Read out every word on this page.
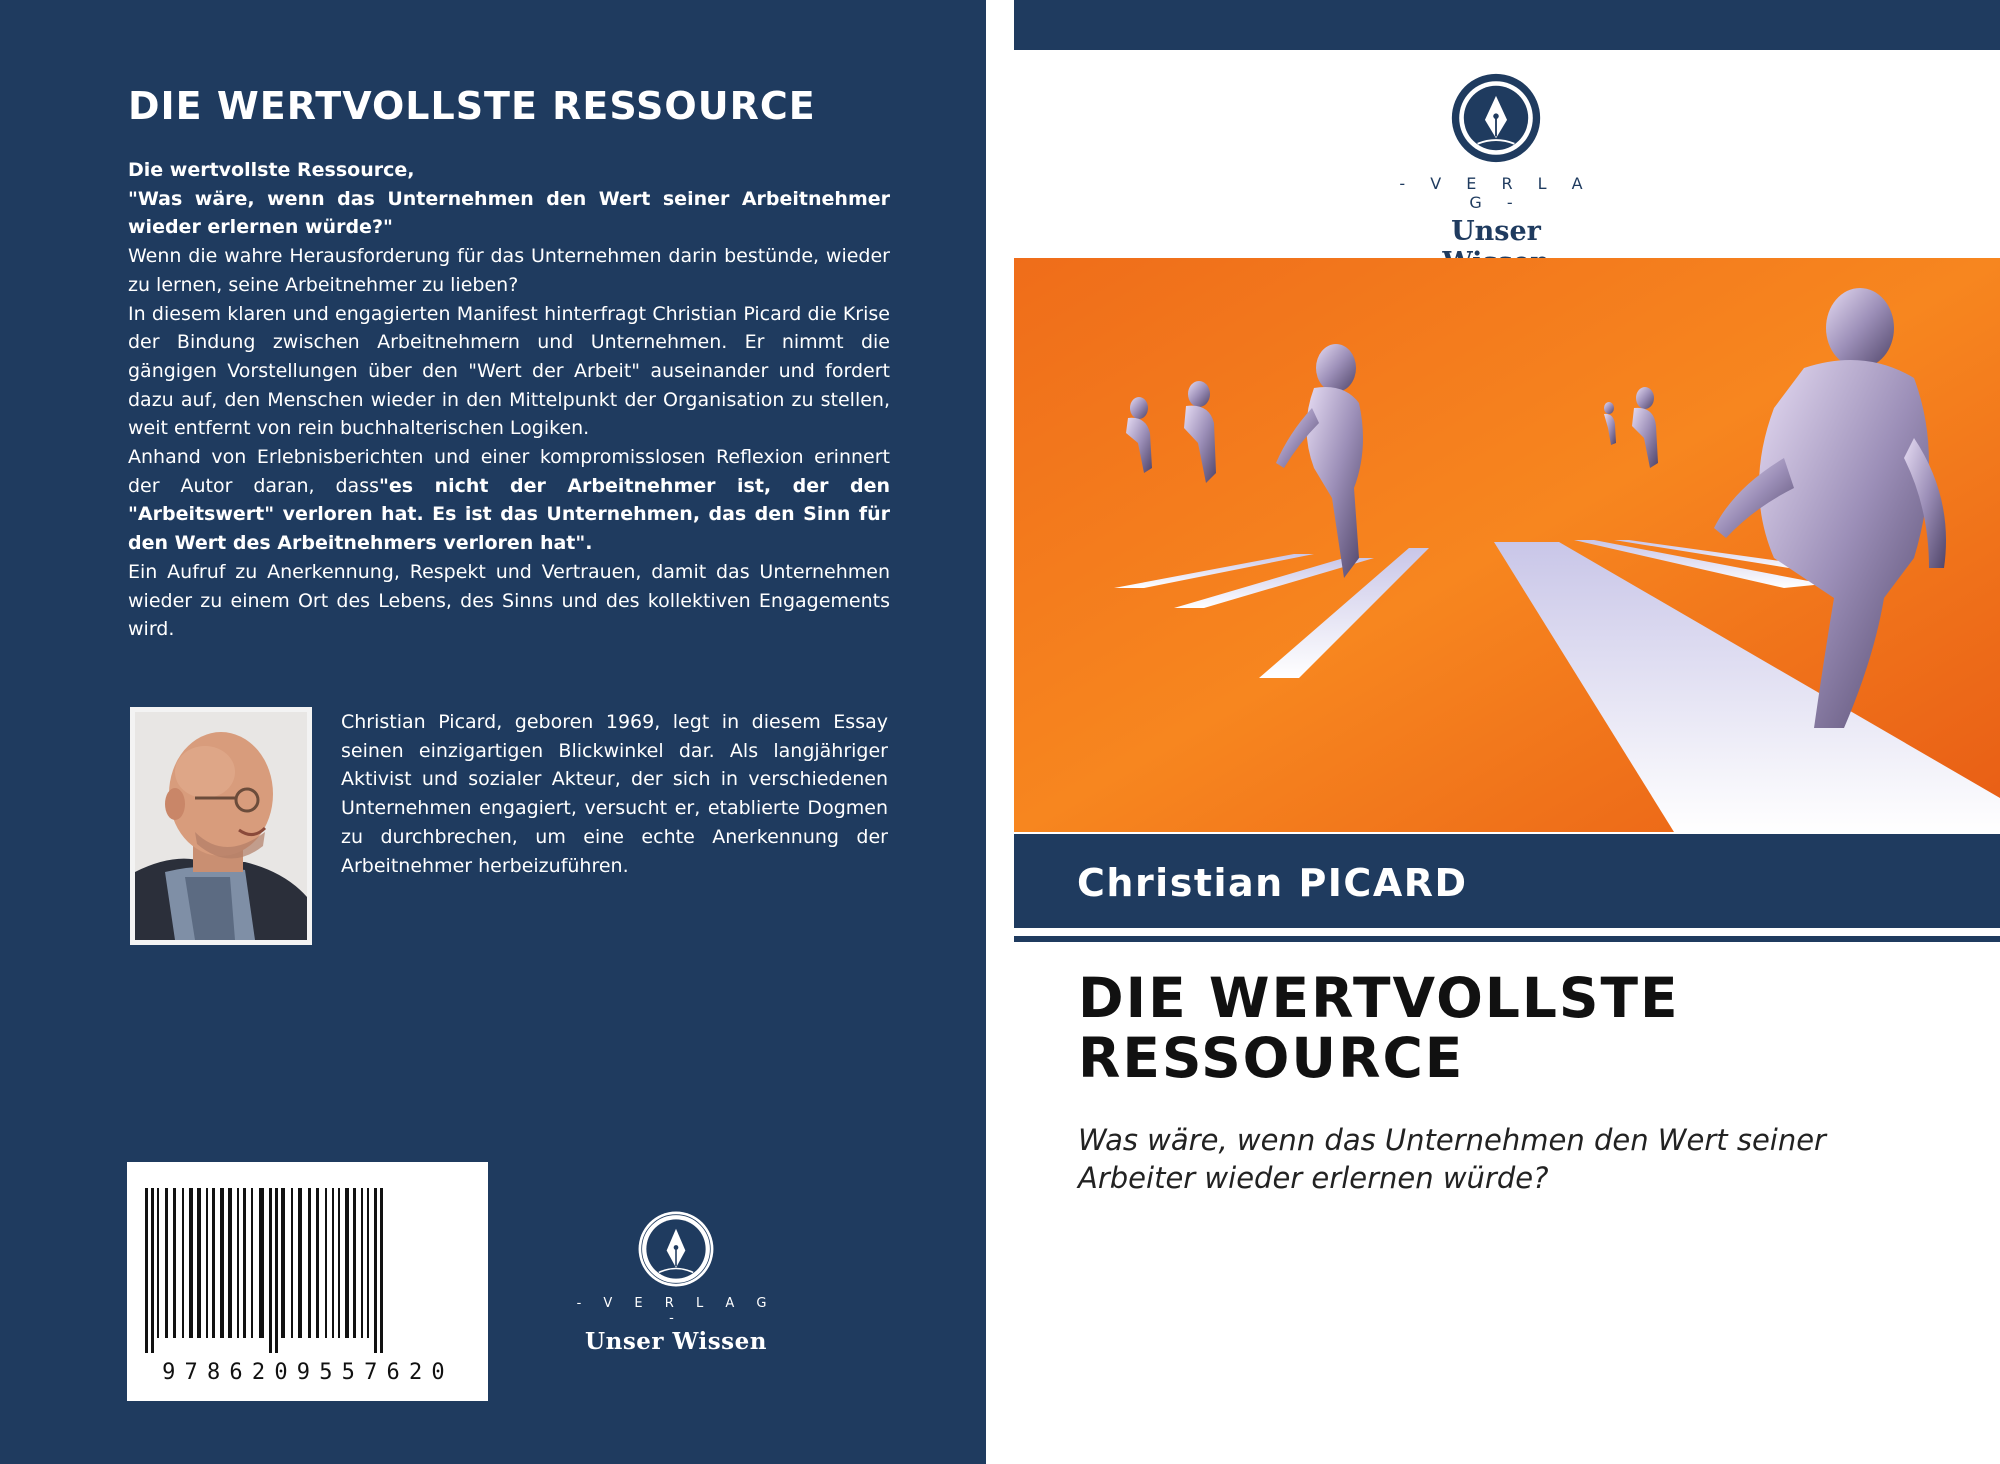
DIE WERTVOLLSTE RESSOURCE

Die wertvollste Ressource,

"Was wäre, wenn das Unternehmen den Wert seiner Arbeitnehmer wieder erlernen würde?"

Wenn die wahre Herausforderung für das Unternehmen darin bestünde, wieder zu lernen, seine Arbeitnehmer zu lieben?

In diesem klaren und engagierten Manifest hinterfragt Christian Picard die Krise der Bindung zwischen Arbeitnehmern und Unternehmen. Er nimmt die gängigen Vorstellungen über den "Wert der Arbeit" auseinander und fordert dazu auf, den Menschen wieder in den Mittelpunkt der Organisation zu stellen, weit entfernt von rein buchhalterischen Logiken.

Anhand von Erlebnisberichten und einer kompromisslosen Reflexion erinnert der Autor daran, dass"es nicht der Arbeitnehmer ist, der den "Arbeitswert" verloren hat. Es ist das Unternehmen, das den Sinn für den Wert des Arbeitnehmers verloren hat".

Ein Aufruf zu Anerkennung, Respekt und Vertrauen, damit das Unternehmen wieder zu einem Ort des Lebens, des Sinns und des kollektiven Engagements wird.

Christian Picard, geboren 1969, legt in diesem Essay seinen einzigartigen Blickwinkel dar. Als langjähriger Aktivist und sozialer Akteur, der sich in verschiedenen Unternehmen engagiert, versucht er, etablierte Dogmen zu durchbrechen, um eine echte Anerkennung der Arbeitnehmer herbeizuführen.

9786209557620
- V E R L A G -
Unser Wissen
- V E R L A G -
Unser
Christian PICARD
DIE WERTVOLLSTE
RESSOURCE

Was wäre, wenn das Unternehmen den Wert seiner
Arbeiter wieder erlernen würde?
